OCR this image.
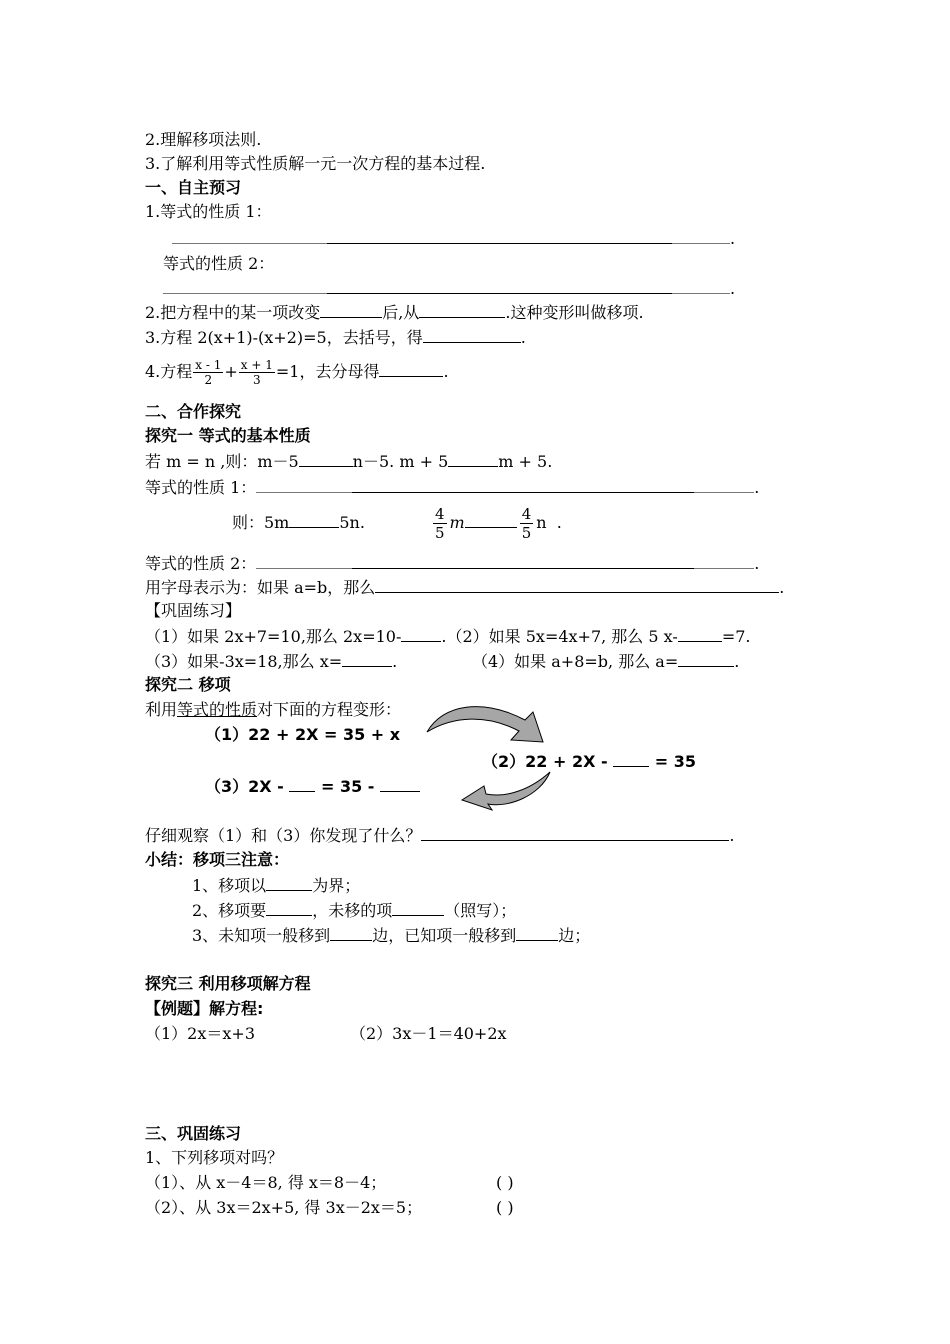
2.理解移项法则.
3.了解利用等式性质解一元一次方程的基本过程.
一、自主预习
1.等式的性质 1：
.
等式的性质 2：
.
2.把方程中的某一项改变	后,从	.这种变形叫做移项.
3.方程 2(x+1)-(x+2)=5，去括号，得	.
4.方程 $\frac{x - 1}{2} + \frac{x + 1}{3} =1$，去分母得	.
二、合作探究
探究一 等式的基本性质
若 m = n ,则：m－5	n－5. m + 5	m + 5.
等式的性质 1：	.
则：5m	5n.	$\frac{4}{5}$ m	$\frac{4}{5}$ n .
等式的性质 2：	.
用字母表示为：如果 a=b，那么	.
【巩固练习】
（1）如果 2x+7=10,那么 2x=10-	.（2）如果 5x=4x+7, 那么 5 x-	=7.
（3）如果-3x=18,那么 x=	.	（4）如果 a+8=b, 那么 a=	.
探究二 移项
利用等式的性质对下面的方程变形：
（1）22 + 2X = 35 + x
（2）22 + 2X -  = 35
（3）2X -  = 35 -
仔细观察（1）和（3）你发现了什么？	.
小结：移项三注意：
1、移项以	为界；
2、移项要	，未移的项	（照写）；
3、未知项一般移到	边，已知项一般移到	边；
探究三 利用移项解方程
【例题】解方程:
（1）2x＝x+3	（2）3x－1＝40+2x
三、巩固练习
1、下列移项对吗？
（1）、从 x－4＝8, 得 x＝8－4；	( )
（2）、从 3x＝2x+5, 得 3x－2x＝5；	( )
